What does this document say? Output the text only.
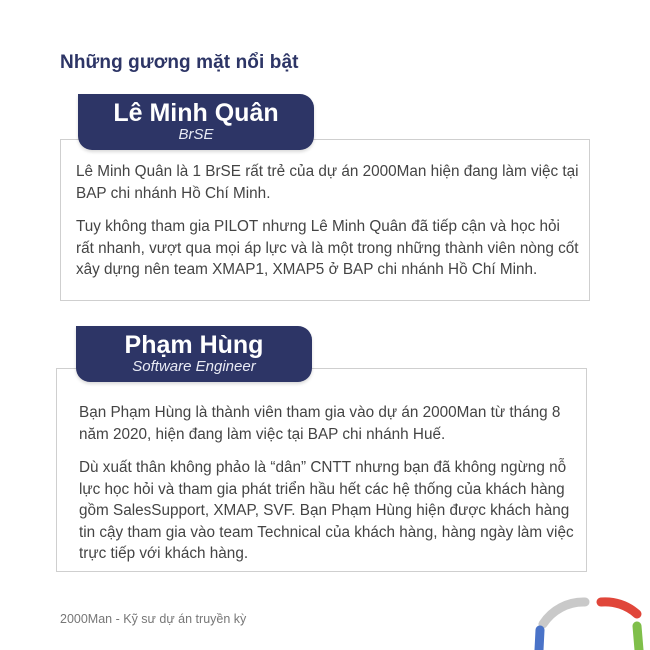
Những gương mặt nổi bật

Lê Minh Quân là 1 BrSE rất trẻ của dự án 2000Man hiện đang làm việc tại BAP chi nhánh Hồ Chí Minh.

Tuy không tham gia PILOT nhưng Lê Minh Quân đã tiếp cận và học hỏi rất nhanh, vượt qua mọi áp lực và là một trong những thành viên nòng cốt xây dựng nên team XMAP1, XMAP5 ở BAP chi nhánh Hồ Chí Minh.

Lê Minh Quân
BrSE

Bạn Phạm Hùng là thành viên tham gia vào dự án 2000Man từ tháng 8 năm 2020, hiện đang làm việc tại BAP chi nhánh Huế.

Dù xuất thân không phảo là “dân” CNTT nhưng bạn đã không ngừng nỗ lực học hỏi và tham gia phát triển hầu hết các hệ thống của khách hàng gồm SalesSupport, XMAP, SVF. Bạn Phạm Hùng hiện được khách hàng tin cậy tham gia vào team Technical của khách hàng, hàng ngày làm việc trực tiếp với khách hàng.

Phạm Hùng
Software Engineer
2000Man - Kỹ sư dự án truyền kỳ
